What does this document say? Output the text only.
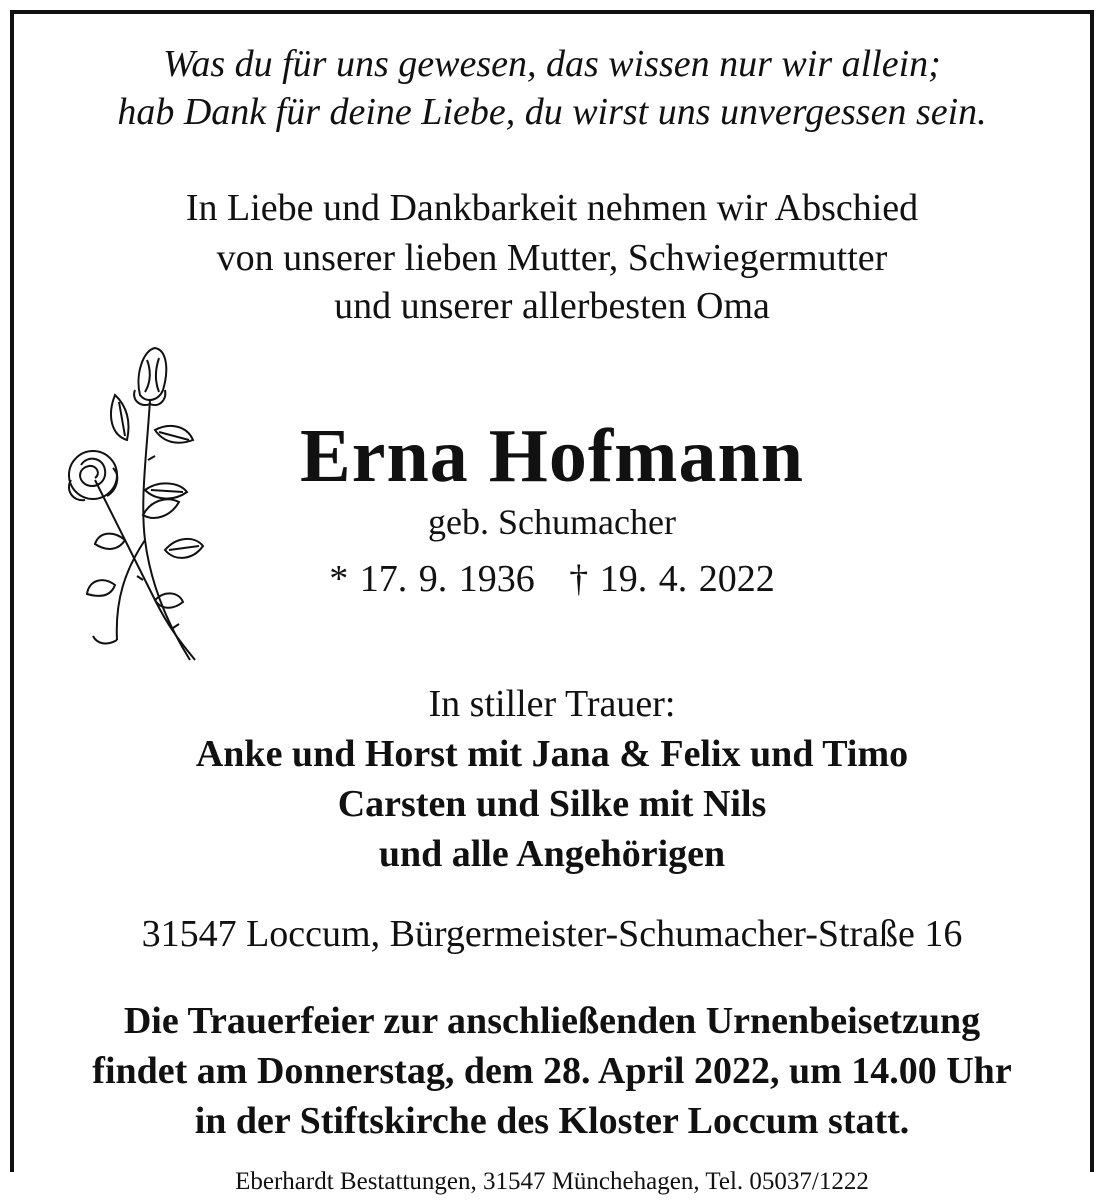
Was du für uns gewesen, das wissen nur wir allein;

hab Dank für deine Liebe, du wirst uns unvergessen sein.

In Liebe und Dankbarkeit nehmen wir Abschied

von unserer lieben Mutter, Schwiegermutter

und unserer allerbesten Oma

Erna Hofmann

geb. Schumacher

* 17. 9. 1936   † 19. 4. 2022

In stiller Trauer:

Anke und Horst mit Jana & Felix und Timo

Carsten und Silke mit Nils

und alle Angehörigen

31547 Loccum, Bürgermeister-Schumacher-Straße 16

Die Trauerfeier zur anschließenden Urnenbeisetzung

findet am Donnerstag, dem 28. April 2022, um 14.00 Uhr

in der Stiftskirche des Kloster Loccum statt.

Eberhardt Bestattungen, 31547 Münchehagen, Tel. 05037/1222
